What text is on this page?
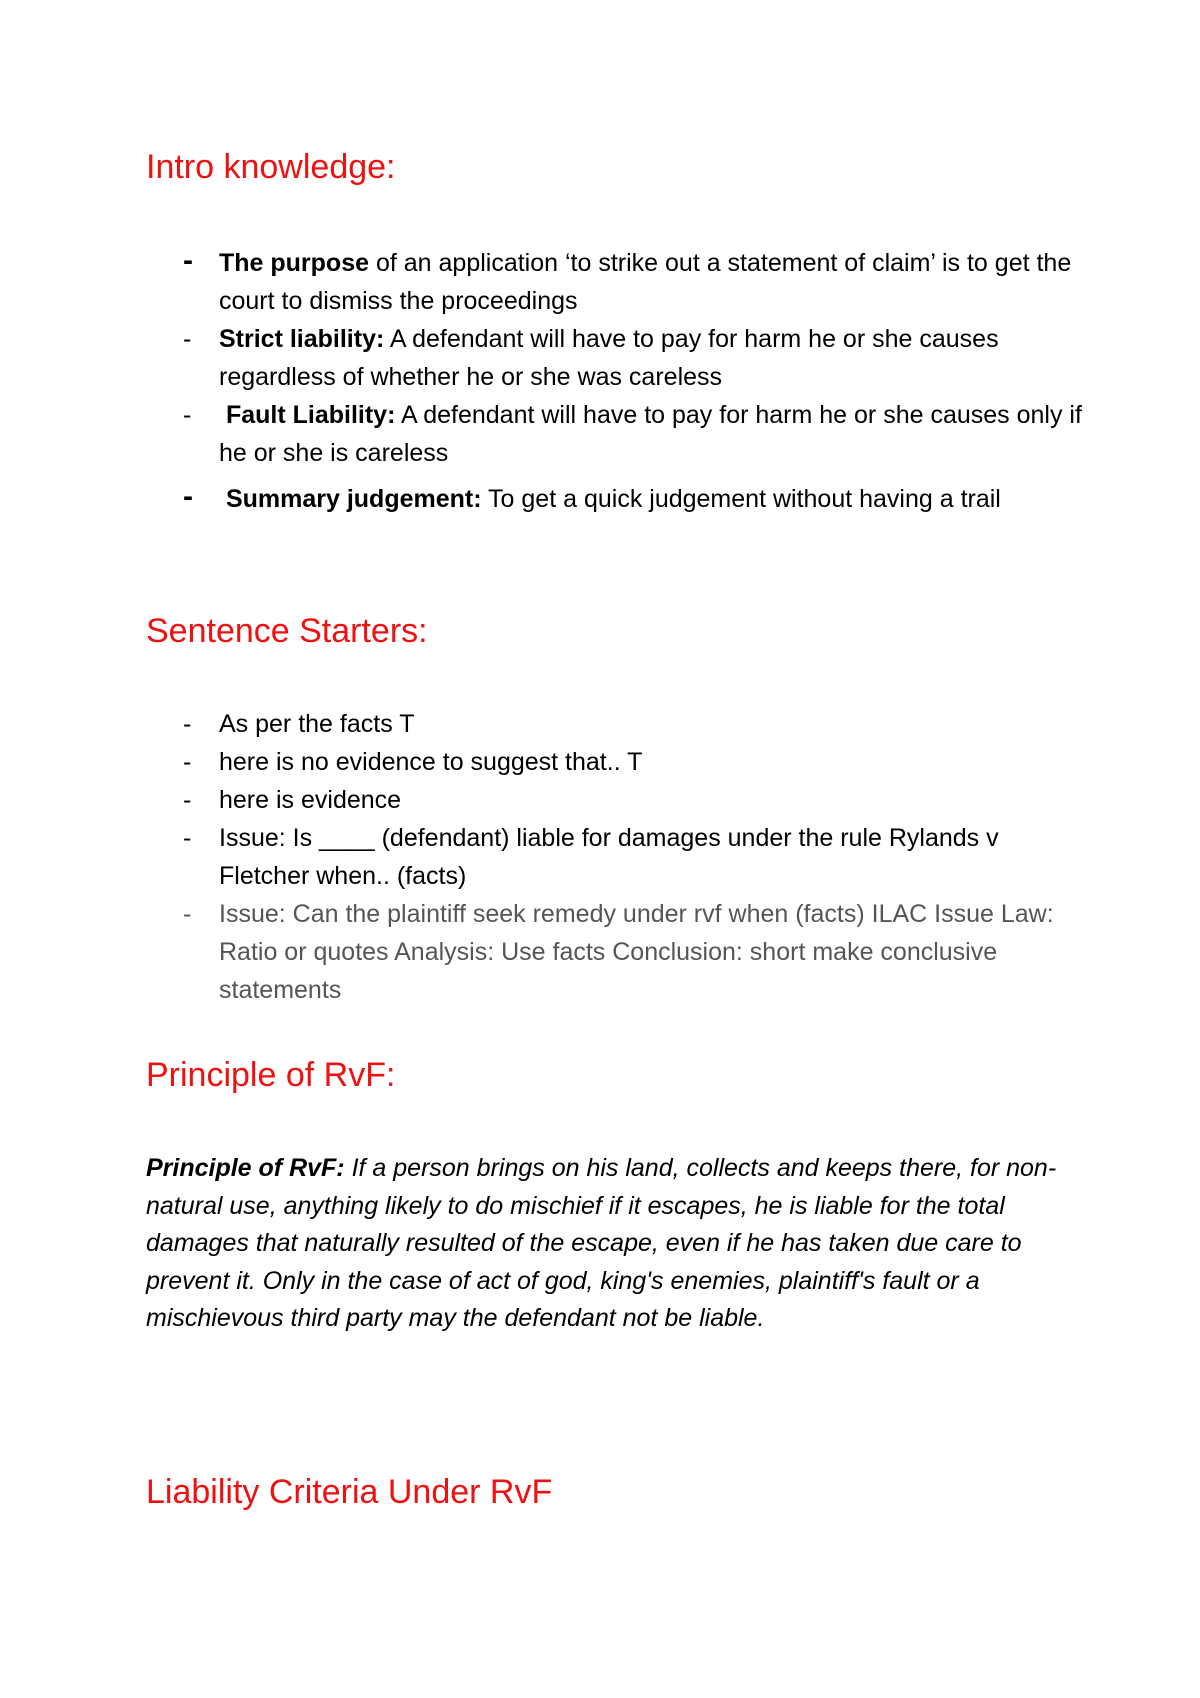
Intro knowledge:
-	The purpose of an application ‘to strike out a statement of claim’ is to get the court to dismiss the proceedings
-	Strict liability: A defendant will have to pay for harm he or she causes regardless of whether he or she was careless
-	Fault Liability: A defendant will have to pay for harm he or she causes only if he or she is careless
-	Summary judgement: To get a quick judgement without having a trail
Sentence Starters:
-	As per the facts T
-	here is no evidence to suggest that.. T
-	here is evidence
-	Issue: Is ____ (defendant) liable for damages under the rule Rylands v Fletcher when.. (facts)
-	Issue: Can the plaintiff seek remedy under rvf when (facts) ILAC Issue Law: Ratio or quotes Analysis: Use facts Conclusion: short make conclusive statements
Principle of RvF:

Principle of RvF: If a person brings on his land, collects and keeps there, for non-natural use, anything likely to do mischief if it escapes, he is liable for the total damages that naturally resulted of the escape, even if he has taken due care to prevent it. Only in the case of act of god, king's enemies, plaintiff's fault or a mischievous third party may the defendant not be liable.

Liability Criteria Under RvF
